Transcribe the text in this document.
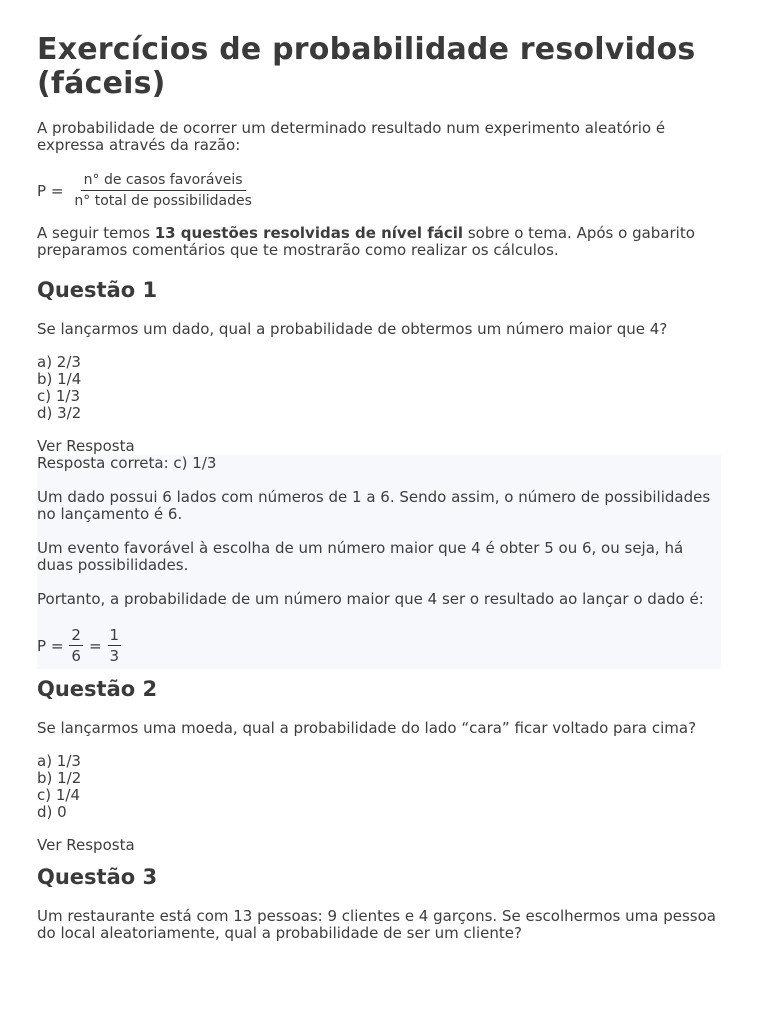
Exercícios de probabilidade resolvidos (fáceis)

A probabilidade de ocorrer um determinado resultado num experimento aleatório é expressa através da razão:

$P = \frac{\text{n° de casos favoráveis}}{\text{n° total de possibilidades}}$

A seguir temos 13 questões resolvidas de nível fácil sobre o tema. Após o gabarito preparamos comentários que te mostrarão como realizar os cálculos.

Questão 1

Se lançarmos um dado, qual a probabilidade de obtermos um número maior que 4?

a) 2/3

b) 1/4

c) 1/3

d) 3/2

Ver Resposta

Resposta correta: c) 1/3

Um dado possui 6 lados com números de 1 a 6. Sendo assim, o número de possibilidades no lançamento é 6.

Um evento favorável à escolha de um número maior que 4 é obter 5 ou 6, ou seja, há duas possibilidades.

Portanto, a probabilidade de um número maior que 4 ser o resultado ao lançar o dado é:

$P = \frac{2}{6} = \frac{1}{3}$
Questão 2

Se lançarmos uma moeda, qual a probabilidade do lado “cara” ficar voltado para cima?

a) 1/3

b) 1/2

c) 1/4

d) 0

Ver Resposta
Questão 3

Um restaurante está com 13 pessoas: 9 clientes e 4 garçons. Se escolhermos uma pessoa do local aleatoriamente, qual a probabilidade de ser um cliente?
